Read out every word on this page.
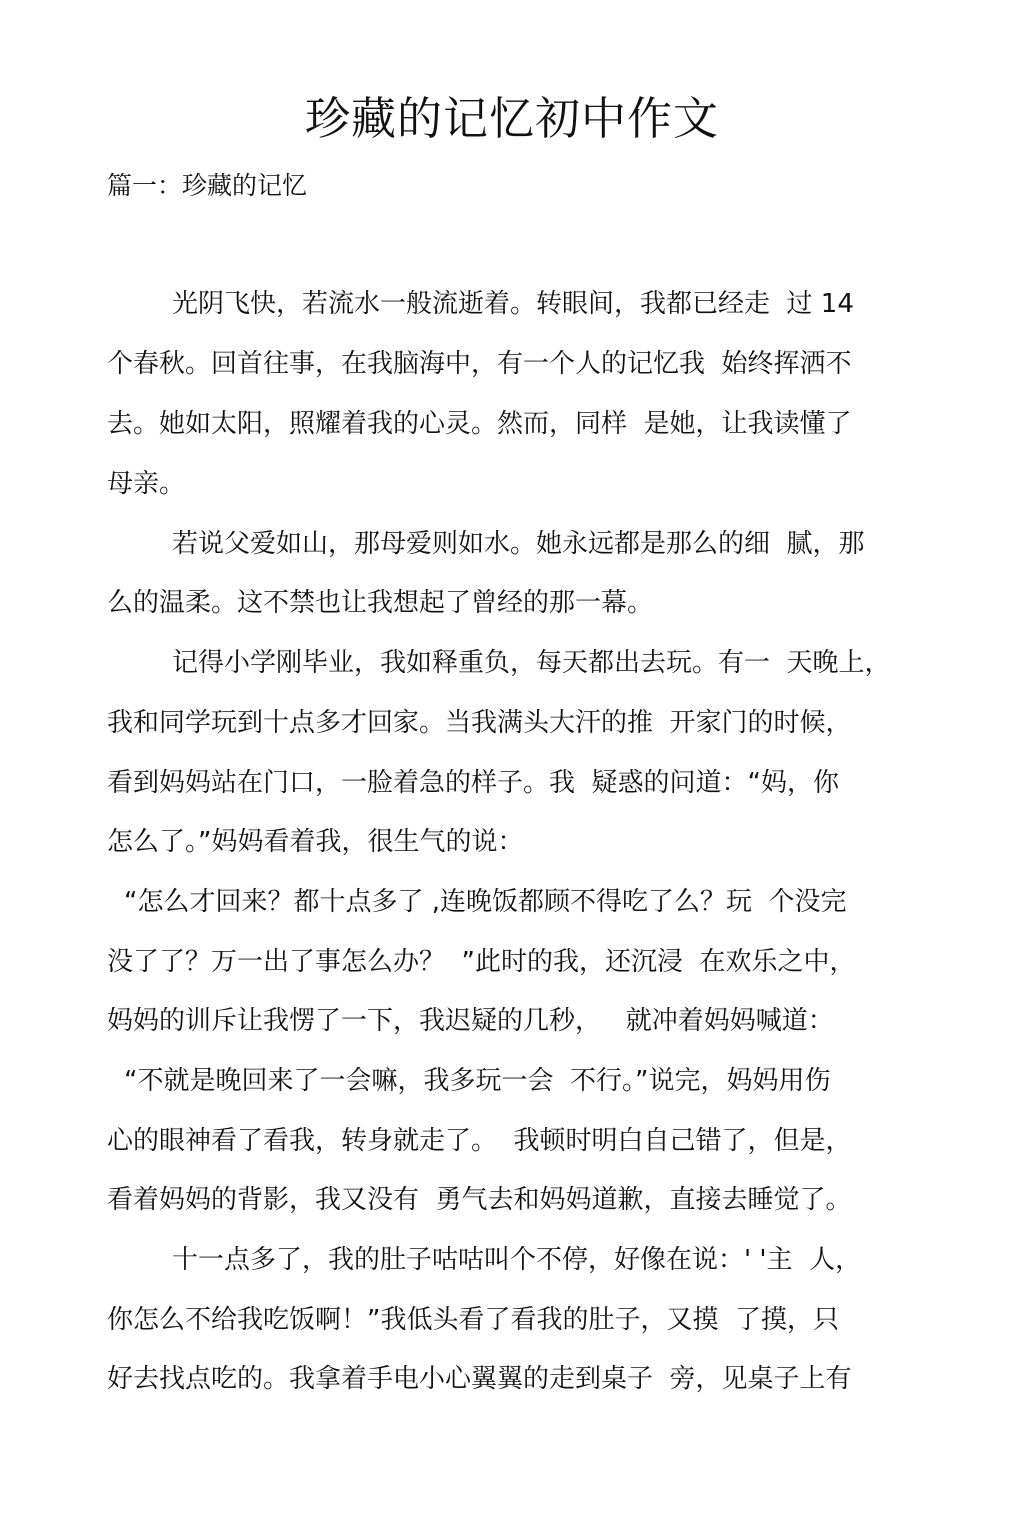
珍藏的记忆初中作文

篇一：珍藏的记忆

光阴飞快，若流水一般流逝着。转眼间，我都已经走  过 14
个春秋。回首往事，在我脑海中，有一个人的记忆我  始终挥洒不
去。她如太阳，照耀着我的心灵。然而，同样  是她，让我读懂了
母亲。
若说父爱如山，那母爱则如水。她永远都是那么的细  腻，那
么的温柔。这不禁也让我想起了曾经的那一幕。
记得小学刚毕业，我如释重负，每天都出去玩。有一  天晚上，
我和同学玩到十点多才回家。当我满头大汗的推  开家门的时候，
看到妈妈站在门口，一脸着急的样子。我  疑惑的问道：“妈，你
怎么了。”妈妈看着我，很生气的说：
“怎么才回来？都十点多了 ,连晚饭都顾不得吃了么？玩  个没完
没了了？万一出了事怎么办？  ”此时的我，还沉浸  在欢乐之中，
妈妈的训斥让我愣了一下，我迟疑的几秒，   就冲着妈妈喊道：
“不就是晚回来了一会嘛，我多玩一会  不行。”说完，妈妈用伤
心的眼神看了看我，转身就走了。  我顿时明白自己错了，但是，
看着妈妈的背影，我又没有  勇气去和妈妈道歉，直接去睡觉了。
十一点多了，我的肚子咕咕叫个不停，好像在说：' '主  人，
你怎么不给我吃饭啊！”我低头看了看我的肚子，又摸  了摸，只
好去找点吃的。我拿着手电小心翼翼的走到桌子  旁，见桌子上有
